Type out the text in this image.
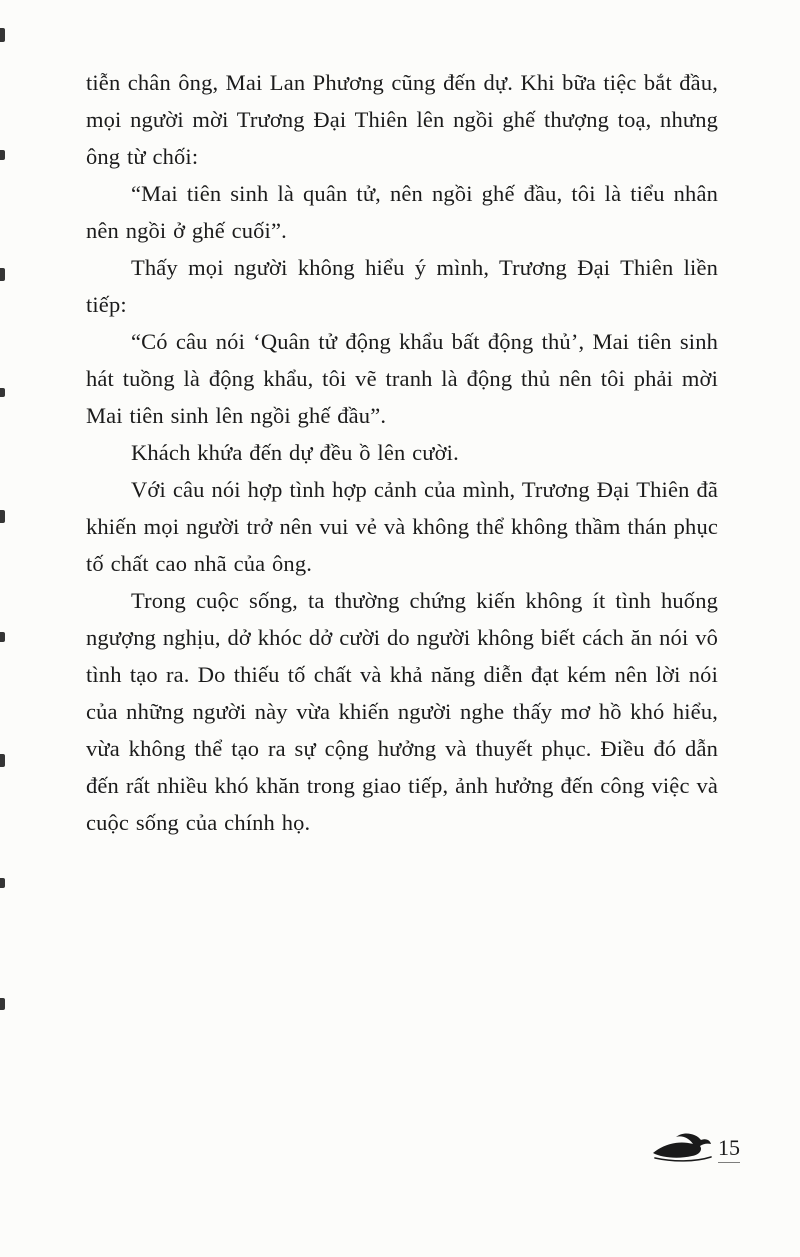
tiễn chân ông, Mai Lan Phương cũng đến dự. Khi bữa tiệc bắt đầu, mọi người mời Trương Đại Thiên lên ngồi ghế thượng toạ, nhưng ông từ chối:

“Mai tiên sinh là quân tử, nên ngồi ghế đầu, tôi là tiểu nhân nên ngồi ở ghế cuối”.

Thấy mọi người không hiểu ý mình, Trương Đại Thiên liền tiếp:

“Có câu nói ‘Quân tử động khẩu bất động thủ’, Mai tiên sinh hát tuồng là động khẩu, tôi vẽ tranh là động thủ nên tôi phải mời Mai tiên sinh lên ngồi ghế đầu”.

Khách khứa đến dự đều ồ lên cười.

Với câu nói hợp tình hợp cảnh của mình, Trương Đại Thiên đã khiến mọi người trở nên vui vẻ và không thể không thầm thán phục tố chất cao nhã của ông.

Trong cuộc sống, ta thường chứng kiến không ít tình huống ngượng nghịu, dở khóc dở cười do người không biết cách ăn nói vô tình tạo ra. Do thiếu tố chất và khả năng diễn đạt kém nên lời nói của những người này vừa khiến người nghe thấy mơ hồ khó hiểu, vừa không thể tạo ra sự cộng hưởng và thuyết phục. Điều đó dẫn đến rất nhiều khó khăn trong giao tiếp, ảnh hưởng đến công việc và cuộc sống của chính họ.

15
